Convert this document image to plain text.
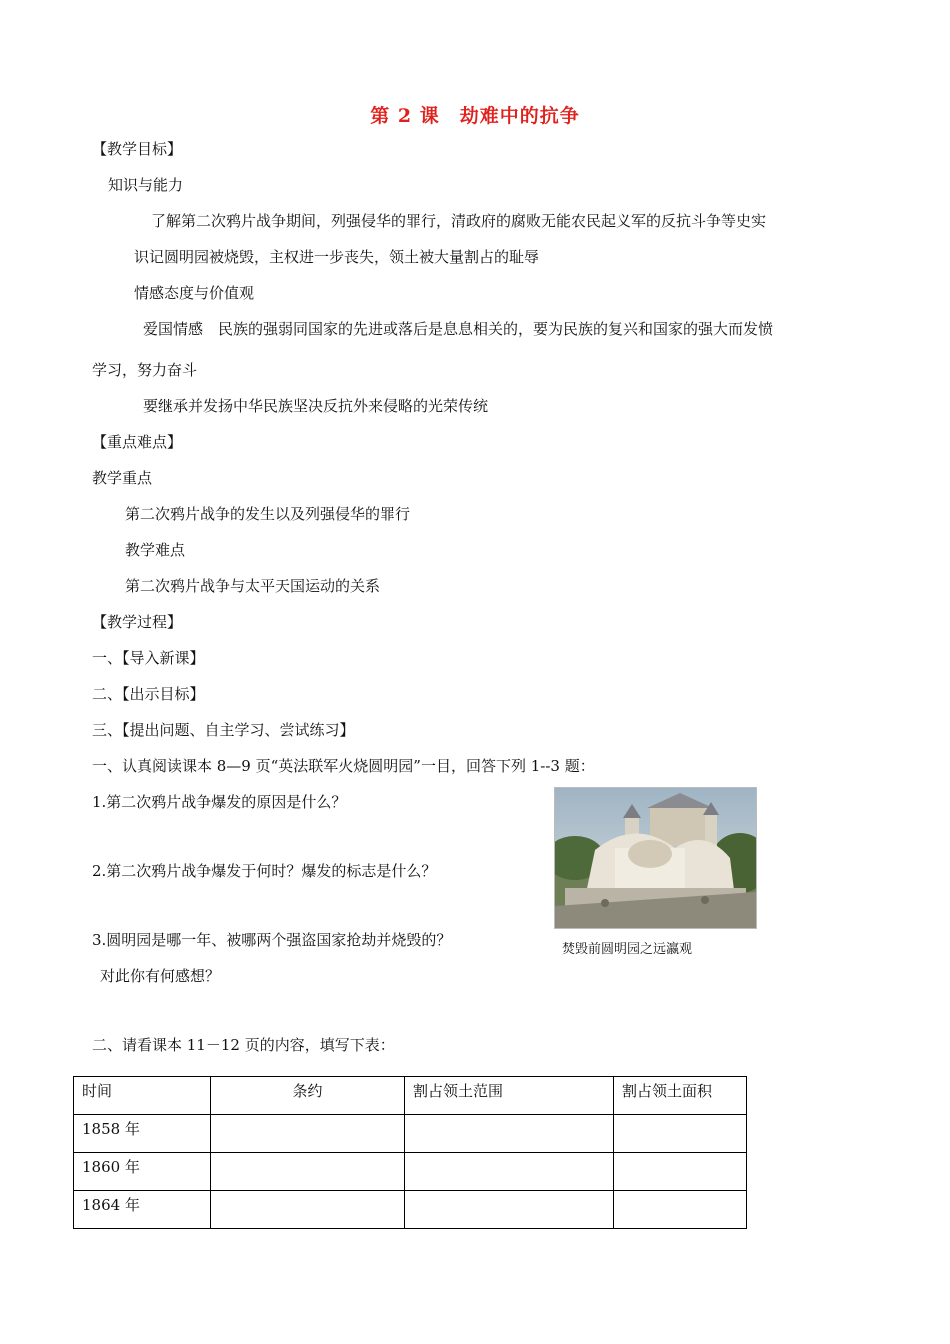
第 2 课　劫难中的抗争
【教学目标】
知识与能力
了解第二次鸦片战争期间，列强侵华的罪行，清政府的腐败无能农民起义军的反抗斗争等史实
识记圆明园被烧毁，主权进一步丧失，领土被大量割占的耻辱
情感态度与价值观
爱国情感　民族的强弱同国家的先进或落后是息息相关的，要为民族的复兴和国家的强大而发愤
学习，努力奋斗
要继承并发扬中华民族坚决反抗外来侵略的光荣传统
【重点难点】
教学重点
第二次鸦片战争的发生以及列强侵华的罪行
教学难点
第二次鸦片战争与太平天国运动的关系
【教学过程】
一、【导入新课】
二、【出示目标】
三、【提出问题、自主学习、尝试练习】
一、认真阅读课本 8—9 页“英法联军火烧圆明园”一目，回答下列 1--3 题：
1.第二次鸦片战争爆发的原因是什么？
2.第二次鸦片战争爆发于何时？爆发的标志是什么？
3.圆明园是哪一年、被哪两个强盗国家抢劫并烧毁的？
对此你有何感想？
焚毁前圆明园之远瀛观
二、请看课本 11－12 页的内容，填写下表：
时间	条约	割占领土范围	割占领土面积
1858 年			
1860 年			
1864 年			
